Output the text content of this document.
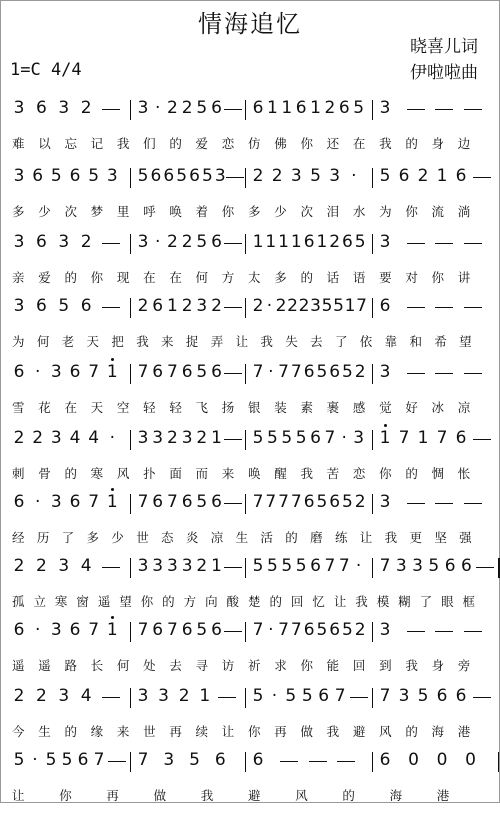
情海追忆
晓喜儿词
伊啦啦曲
1=C 4/4
3 6 3 2	3 · 2 2 5 6 6 1 1 6 1 2 6 5 3
难 以 忘 记 我 们 的 爱 恋 仿 佛 你 还 在 我 的 身 边
3 6 5 6 5 3 5 6 6 5 6 5 3 2 2 3 5 3 · 5 6 2 1 6
多 少 次 梦 里 呼 唤 着 你 多 少 次 泪 水 为 你 流 淌
3 6 3 2	3 · 2 2 5 6 1 1 1 1 6 1 2 6 5 3
亲 爱 的 你 现 在 在 何 方 太 多 的 话 语 要 对 你 讲
3 6 5 6	2 6 1 2 3 2 2 · 2 2 2 3 5 5 1 7 6
为 何 老 天 把 我 来 捉 弄 让 我 失 去 了 依 靠 和 希 望
6 · 3 6 7 1 7 6 7 6 5 6 7 · 7 7 6 5 6 5 2 3
雪 花 在 天 空 轻 轻 飞 扬 银 装 素 裹 感 觉 好 冰 凉
2 2 3 4 4 · 3 3 2 3 2 1 5 5 5 5 6 7 · 3 1 7 1 7 6
刺 骨 的 寒 风 扑 面 而 来 唤 醒 我 苦 恋 你 的 惆 怅
6 · 3 6 7 1 7 6 7 6 5 6 7 7 7 7 6 5 6 5 2 3
经 历 了 多 少 世 态 炎 凉 生 活 的 磨 练 让 我 更 坚 强
2 2 3 4	3 3 3 3 2 1 5 5 5 5 6 7 7 · 7 3 3 5 6 6
孤 立 寒 窗 遥 望 你 的 方 向 酸 楚 的 回 忆 让 我 模 糊 了 眼 框
6 · 3 6 7 1 7 6 7 6 5 6 7 · 7 7 6 5 6 5 2 3
遥 遥 路 长 何 处 去 寻 访 祈 求 你 能 回 到 我 身 旁
2 2 3 4	3 3 2 1 5 · 5 5 6 7 7 3 5 6 6
今 生 的 缘 来 世 再 续 让 你 再 做 我 避 风 的 海 港
5 · 5 5 6 7 7 3 5 6 6	6 0 0 0
让	你	再	做	我	避	风	的	海	港
